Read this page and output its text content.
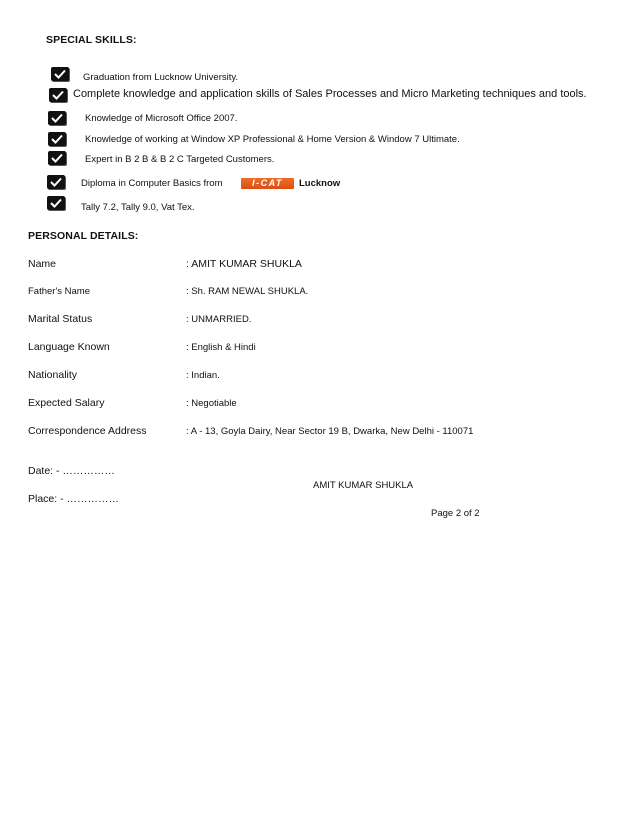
SPECIAL SKILLS:
Graduation from Lucknow University.
Complete knowledge and application skills of Sales Processes and Micro Marketing techniques and tools.
Knowledge of Microsoft Office 2007.
Knowledge of working at Window XP Professional & Home Version & Window 7 Ultimate.
Expert in B 2 B & B 2 C Targeted Customers.
Diploma in Computer Basics from	I-CAT	Lucknow
Tally 7.2, Tally 9.0, Vat Tex.
PERSONAL DETAILS:
Name	: AMIT KUMAR SHUKLA
Father's Name	: Sh. RAM NEWAL SHUKLA.
Marital Status	: UNMARRIED.
Language Known	: English & Hindi
Nationality	: Indian.
Expected Salary	: Negotiable
Correspondence Address	: A - 13, Goyla Dairy, Near Sector 19 B, Dwarka, New Delhi - 110071
Date: - ……………
AMIT KUMAR SHUKLA
Place: - ……………
Page 2 of 2
